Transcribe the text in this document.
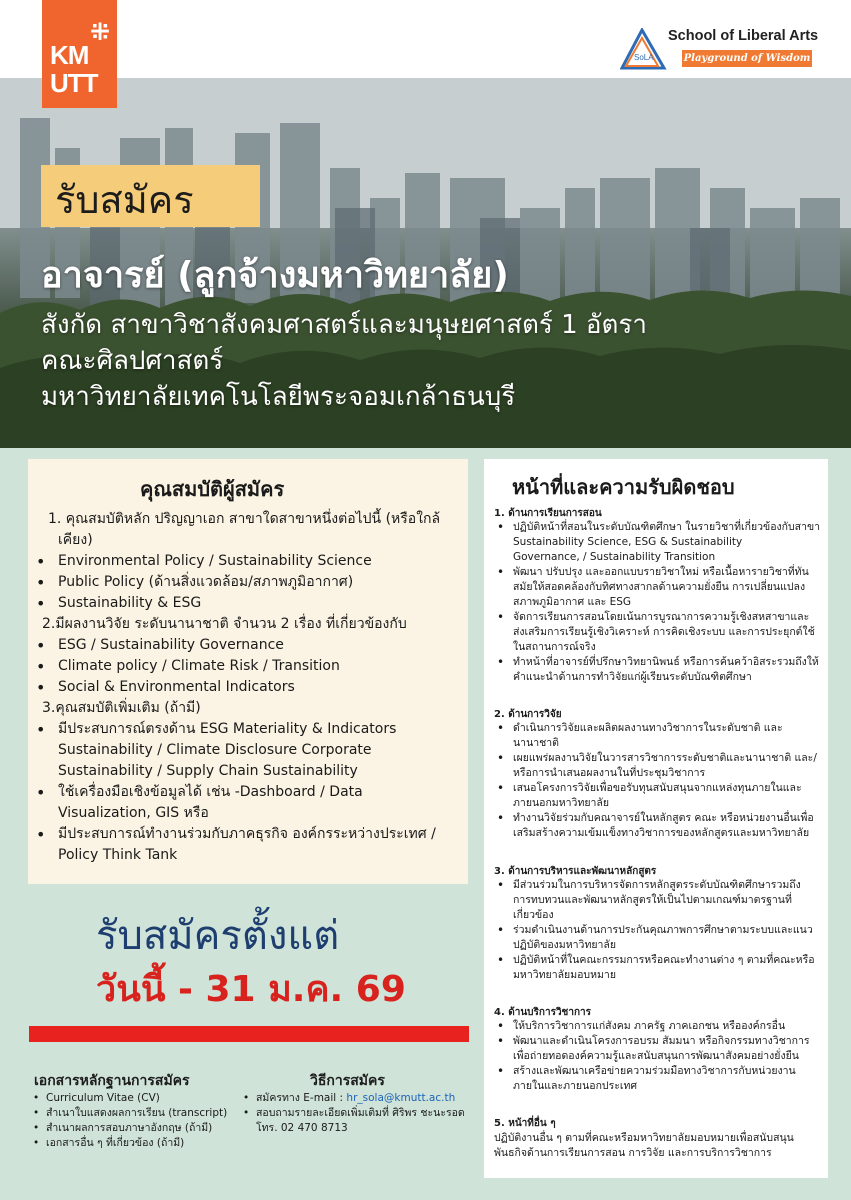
⁜
KM
UTT
SoLA
School of Liberal Arts
Playground of Wisdom
รับสมัคร
อาจารย์ (ลูกจ้างมหาวิทยาลัย)
สังกัด สาขาวิชาสังคมศาสตร์และมนุษยศาสตร์ 1 อัตรา
คณะศิลปศาสตร์
มหาวิทยาลัยเทคโนโลยีพระจอมเกล้าธนบุรี
คุณสมบัติผู้สมัคร
1. คุณสมบัติหลัก ปริญญาเอก สาขาใดสาขาหนึ่งต่อไปนี้ (หรือใกล้
เคียง)
• Environmental Policy / Sustainability Science
• Public Policy (ด้านสิ่งแวดล้อม/สภาพภูมิอากาศ)
• Sustainability & ESG
2.มีผลงานวิจัย ระดับนานาชาติ จำนวน 2 เรื่อง ที่เกี่ยวข้องกับ
• ESG / Sustainability Governance
• Climate policy / Climate Risk / Transition
• Social & Environmental Indicators
3.คุณสมบัติเพิ่มเติม (ถ้ามี)
• มีประสบการณ์ตรงด้าน ESG Materiality & Indicators
Sustainability / Climate Disclosure Corporate
Sustainability / Supply Chain Sustainability
• ใช้เครื่องมือเชิงข้อมูลได้ เช่น -Dashboard / Data
Visualization, GIS หรือ
• มีประสบการณ์ทำงานร่วมกับภาคธุรกิจ องค์กรระหว่างประเทศ /
Policy Think Tank
หน้าที่และความรับผิดชอบ
1. ด้านการเรียนการสอน
• ปฏิบัติหน้าที่สอนในระดับบัณฑิตศึกษา ในรายวิชาที่เกี่ยวข้องกับสาขา
Sustainability Science, ESG & Sustainability
Governance, / Sustainability Transition
• พัฒนา ปรับปรุง และออกแบบรายวิชาใหม่ หรือเนื้อหารายวิชาที่ทัน
สมัยให้สอดคล้องกับทิศทางสากลด้านความยั่งยืน การเปลี่ยนแปลง
สภาพภูมิอากาศ และ ESG
• จัดการเรียนการสอนโดยเน้นการบูรณาการความรู้เชิงสหสาขาและ
ส่งเสริมการเรียนรู้เชิงวิเคราะห์ การคิดเชิงระบบ และการประยุกต์ใช้
ในสถานการณ์จริง
• ทำหน้าที่อาจารย์ที่ปรึกษาวิทยานิพนธ์ หรือการค้นคว้าอิสระรวมถึงให้
คำแนะนำด้านการทำวิจัยแก่ผู้เรียนระดับบัณฑิตศึกษา
2. ด้านการวิจัย
• ดำเนินการวิจัยและผลิตผลงานทางวิชาการในระดับชาติ และ
นานาชาติ
• เผยแพร่ผลงานวิจัยในวารสารวิชาการระดับชาติและนานาชาติ และ/
หรือการนำเสนอผลงานในที่ประชุมวิชาการ
• เสนอโครงการวิจัยเพื่อขอรับทุนสนับสนุนจากแหล่งทุนภายในและ
ภายนอกมหาวิทยาลัย
• ทำงานวิจัยร่วมกับคณาจารย์ในหลักสูตร คณะ หรือหน่วยงานอื่นเพื่อ
เสริมสร้างความเข้มแข็งทางวิชาการของหลักสูตรและมหาวิทยาลัย
3. ด้านการบริหารและพัฒนาหลักสูตร
• มีส่วนร่วมในการบริหารจัดการหลักสูตรระดับบัณฑิตศึกษารวมถึง
การทบทวนและพัฒนาหลักสูตรให้เป็นไปตามเกณฑ์มาตรฐานที่
เกี่ยวข้อง
• ร่วมดำเนินงานด้านการประกันคุณภาพการศึกษาตามระบบและแนว
ปฏิบัติของมหาวิทยาลัย
• ปฏิบัติหน้าที่ในคณะกรรมการหรือคณะทำงานต่าง ๆ ตามที่คณะหรือ
มหาวิทยาลัยมอบหมาย
4. ด้านบริการวิชาการ
• ให้บริการวิชาการแก่สังคม ภาครัฐ ภาคเอกชน หรือองค์กรอื่น
• พัฒนาและดำเนินโครงการอบรม สัมมนา หรือกิจกรรมทางวิชาการ
เพื่อถ่ายทอดองค์ความรู้และสนับสนุนการพัฒนาสังคมอย่างยั่งยืน
• สร้างและพัฒนาเครือข่ายความร่วมมือทางวิชาการกับหน่วยงาน
ภายในและภายนอกประเทศ
5. หน้าที่อื่น ๆ
ปฏิบัติงานอื่น ๆ ตามที่คณะหรือมหาวิทยาลัยมอบหมายเพื่อสนับสนุน
พันธกิจด้านการเรียนการสอน การวิจัย และการบริการวิชาการ
รับสมัครตั้งแต่
วันนี้ - 31 ม.ค. 69
เอกสารหลักฐานการสมัคร
• Curriculum Vitae (CV)
• สำเนาใบแสดงผลการเรียน (transcript)
• สำเนาผลการสอบภาษาอังกฤษ (ถ้ามี)
• เอกสารอื่น ๆ ที่เกี่ยวข้อง (ถ้ามี)
วิธีการสมัคร
• สมัครทาง E-mail : hr_sola@kmutt.ac.th
• สอบถามรายละเอียดเพิ่มเติมที่ ศิริพร ชะนะรอด
โทร. 02 470 8713
